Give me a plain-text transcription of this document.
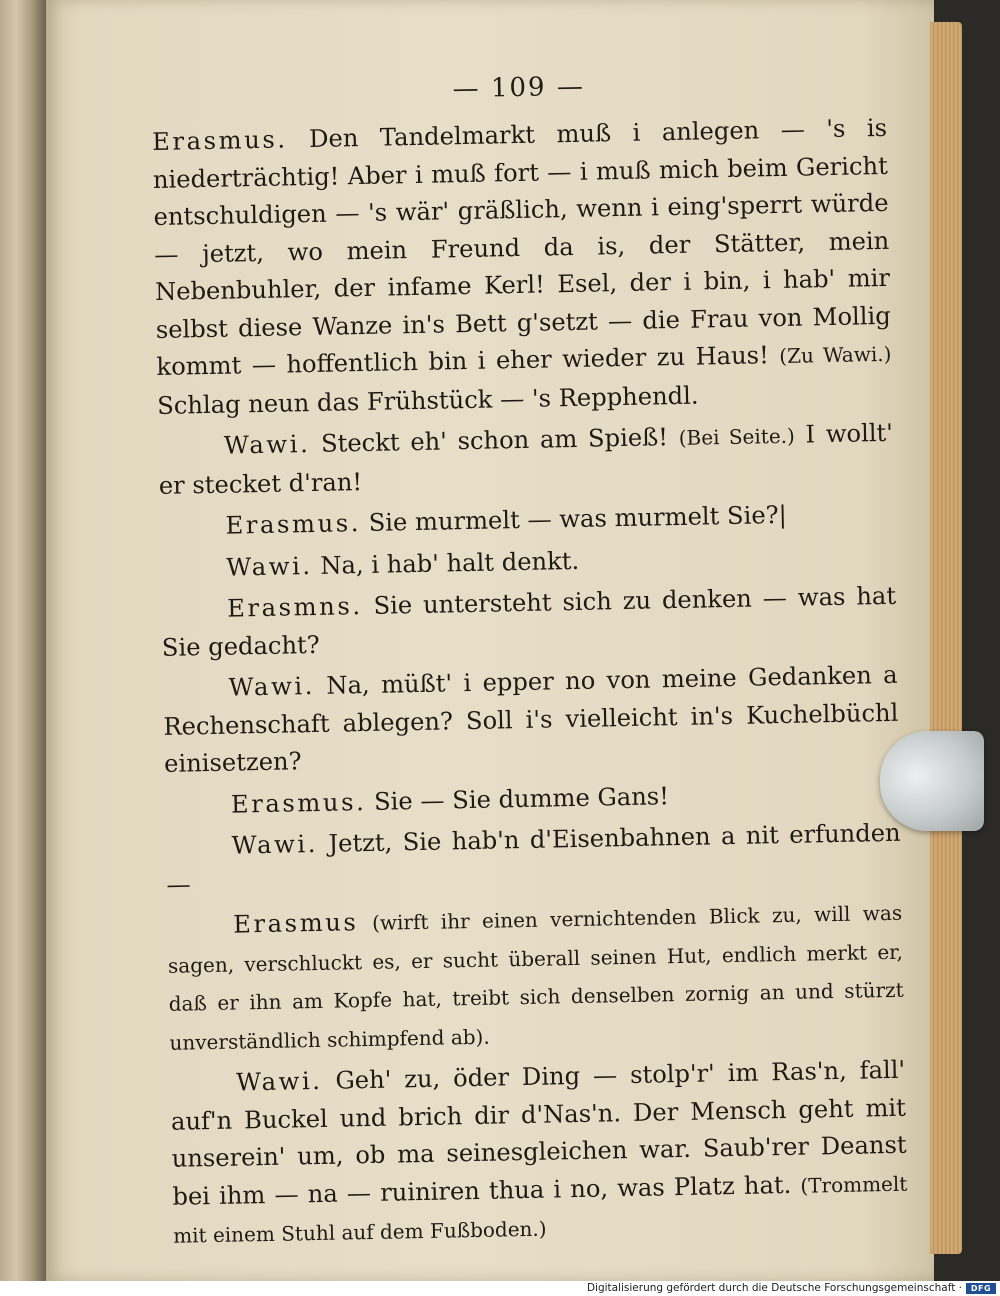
— 109 —

Erasmus. Den Tandelmarkt muß i anlegen — 's is niederträchtig! Aber i muß fort — i muß mich beim Gericht entschuldigen — 's wär' gräßlich, wenn i eing'sperrt würde — jetzt, wo mein Freund da is, der Stätter, mein Nebenbuhler, der infame Kerl! Esel, der i bin, i hab' mir selbst diese Wanze in's Bett g'setzt — die Frau von Mollig kommt — hoffentlich bin i eher wieder zu Haus! (Zu Wawi.) Schlag neun das Frühstück — 's Repphendl.

Wawi. Steckt eh' schon am Spieß! (Bei Seite.) I wollt' er stecket d'ran!

Erasmus. Sie murmelt — was murmelt Sie?|

Wawi. Na, i hab' halt denkt.

Erasmns. Sie untersteht sich zu denken — was hat Sie gedacht?

Wawi. Na, müßt' i epper no von meine Gedanken a Rechenschaft ablegen? Soll i's vielleicht in's Kuchelbüchl einisetzen?

Erasmus. Sie — Sie dumme Gans!

Wawi. Jetzt, Sie hab'n d'Eisenbahnen a nit erfunden —

Erasmus (wirft ihr einen vernichtenden Blick zu, will was sagen, verschluckt es, er sucht überall seinen Hut, endlich merkt er, daß er ihn am Kopfe hat, treibt sich denselben zornig an und stürzt unverständlich schimpfend ab).

Wawi. Geh' zu, öder Ding — stolp'r' im Ras'n, fall' auf'n Buckel und brich dir d'Nas'n. Der Mensch geht mit unserein' um, ob ma seinesgleichen war. Saub'rer Deanst bei ihm — na — ruiniren thua i no, was Platz hat. (Trommelt mit einem Stuhl auf dem Fußboden.)

Digitalisierung gefördert durch die Deutsche Forschungsgemeinschaft ·	DFG
